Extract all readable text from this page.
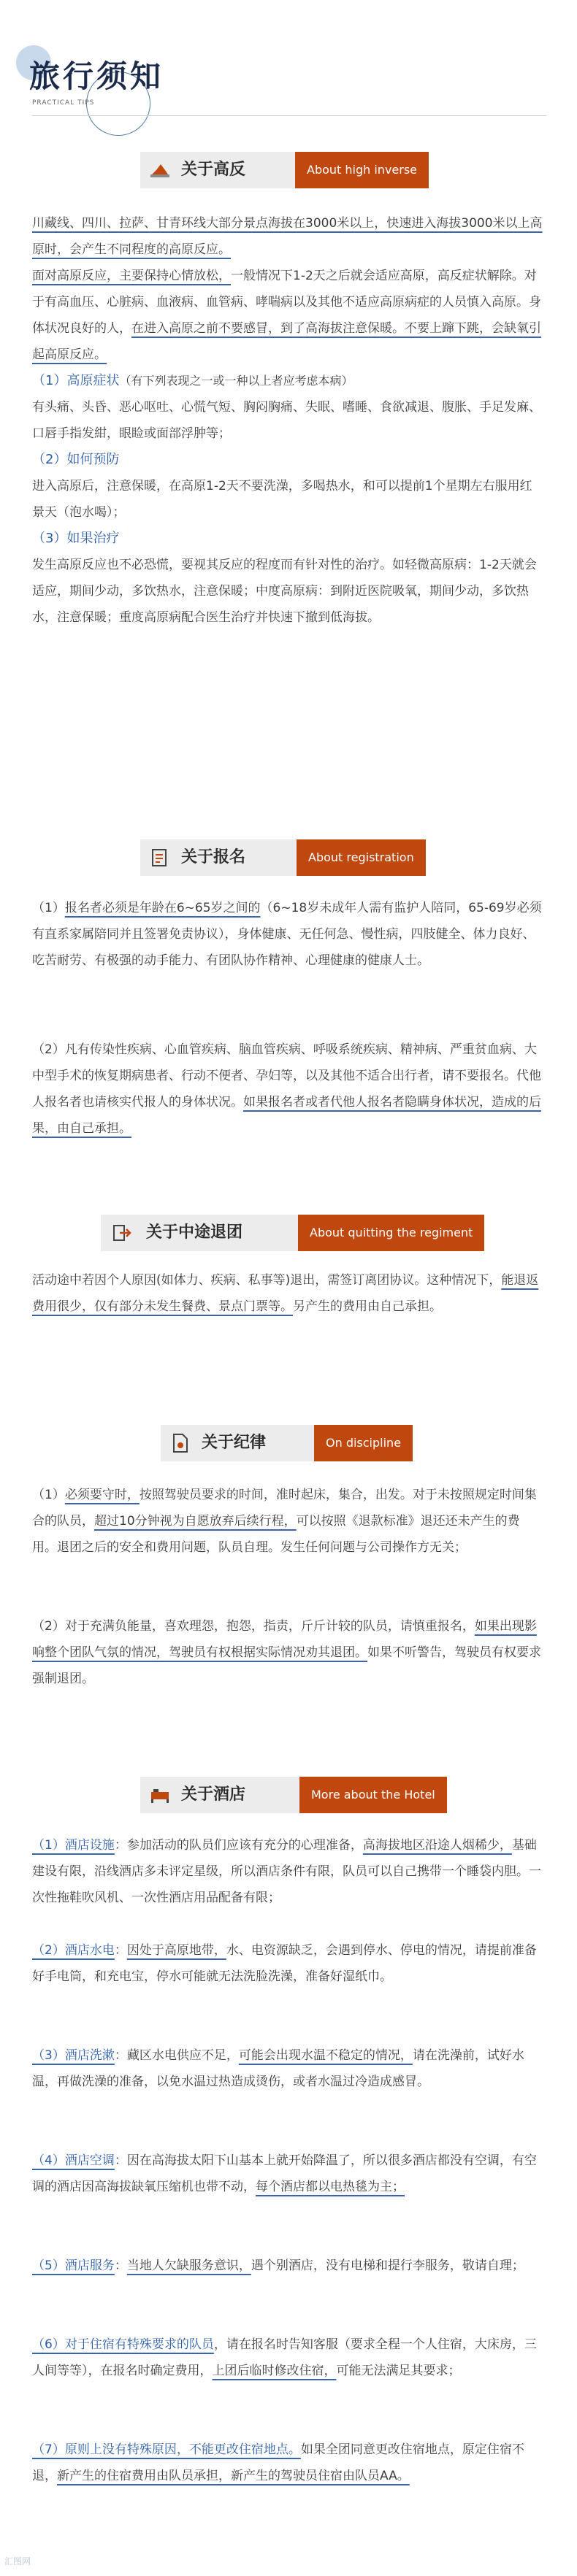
旅行须知
PRACTICAL TIPS
关于高反	About high inverse
川藏线、四川、拉萨、甘青环线大部分景点海拔在3000米以上，快速进入海拔3000米以上高原时，会产生不同程度的高原反应。
面对高原反应，主要保持心情放松，一般情况下1-2天之后就会适应高原，高反症状解除。对于有高血压、心脏病、血液病、血管病、哮喘病以及其他不适应高原病症的人员慎入高原。身体状况良好的人，在进入高原之前不要感冒，到了高海拔注意保暖。不要上蹿下跳，会缺氧引起高原反应。
（1）高原症状（有下列表现之一或一种以上者应考虑本病）
有头痛、头昏、恶心呕吐、心慌气短、胸闷胸痛、失眠、嗜睡、食欲减退、腹胀、手足发麻、口唇手指发紺，眼睑或面部浮肿等；
（2）如何预防
进入高原后，注意保暖，在高原1-2天不要洗澡，多喝热水，和可以提前1个星期左右服用红景天（泡水喝）；
（3）如果治疗
发生高原反应也不必恐慌，要视其反应的程度而有针对性的治疗。如轻微高原病：1-2天就会适应，期间少动，多饮热水，注意保暖；中度高原病：到附近医院吸氧，期间少动，多饮热水，注意保暖；重度高原病配合医生治疗并快速下撤到低海拔。
关于报名	About registration
（1）报名者必须是年龄在6~65岁之间的（6~18岁未成年人需有监护人陪同，65-69岁必须有直系家属陪同并且签署免责协议），身体健康、无任何急、慢性病，四肢健全、体力良好、吃苦耐劳、有极强的动手能力、有团队协作精神、心理健康的健康人士。
（2）凡有传染性疾病、心血管疾病、脑血管疾病、呼吸系统疾病、精神病、严重贫血病、大中型手术的恢复期病患者、行动不便者、孕妇等，以及其他不适合出行者，请不要报名。代他人报名者也请核实代报人的身体状况。如果报名者或者代他人报名者隐瞒身体状况，造成的后果，由自己承担。
关于中途退团	About quitting the regiment
活动途中若因个人原因(如体力、疾病、私事等)退出，需签订离团协议。这种情况下，能退返费用很少，仅有部分未发生餐费、景点门票等。另产生的费用由自己承担。
关于纪律	On discipline
（1）必须要守时，按照驾驶员要求的时间，准时起床，集合，出发。对于未按照规定时间集合的队员，超过10分钟视为自愿放弃后续行程，可以按照《退款标准》退还还未产生的费用。退团之后的安全和费用问题，队员自理。发生任何问题与公司操作方无关；
（2）对于充满负能量，喜欢理怨，抱怨，指责，斤斤计较的队员，请慎重报名，如果出现影响整个团队气氛的情况，驾驶员有权根据实际情况劝其退团。如果不听警告，驾驶员有权要求强制退团。
关于酒店	More about the Hotel
（1）酒店设施：参加活动的队员们应该有充分的心理准备，高海拔地区沿途人烟稀少，基础建设有限，沿线酒店多未评定星级，所以酒店条件有限，队员可以自己携带一个睡袋内胆。一次性拖鞋吹风机、一次性酒店用品配备有限；
（2）酒店水电：因处于高原地带，水、电资源缺乏，会遇到停水、停电的情况，请提前准备好手电筒，和充电宝，停水可能就无法洗脸洗澡，准备好湿纸巾。
（3）酒店洗漱：藏区水电供应不足，可能会出现水温不稳定的情况，请在洗澡前，试好水温，再做洗澡的准备，以免水温过热造成烫伤，或者水温过冷造成感冒。
（4）酒店空调：因在高海拔太阳下山基本上就开始降温了，所以很多酒店都没有空调，有空调的酒店因高海拔缺氧压缩机也带不动，每个酒店都以电热毯为主；
（5）酒店服务：当地人欠缺服务意识，遇个别酒店，没有电梯和提行李服务，敬请自理；
（6）对于住宿有特殊要求的队员，请在报名时告知客服（要求全程一个人住宿，大床房，三人间等等），在报名时确定费用，上团后临时修改住宿，可能无法满足其要求；
（7）原则上没有特殊原因，不能更改住宿地点。如果全团同意更改住宿地点，原定住宿不退，新产生的住宿费用由队员承担，新产生的驾驶员住宿由队员AA。
汇图网
